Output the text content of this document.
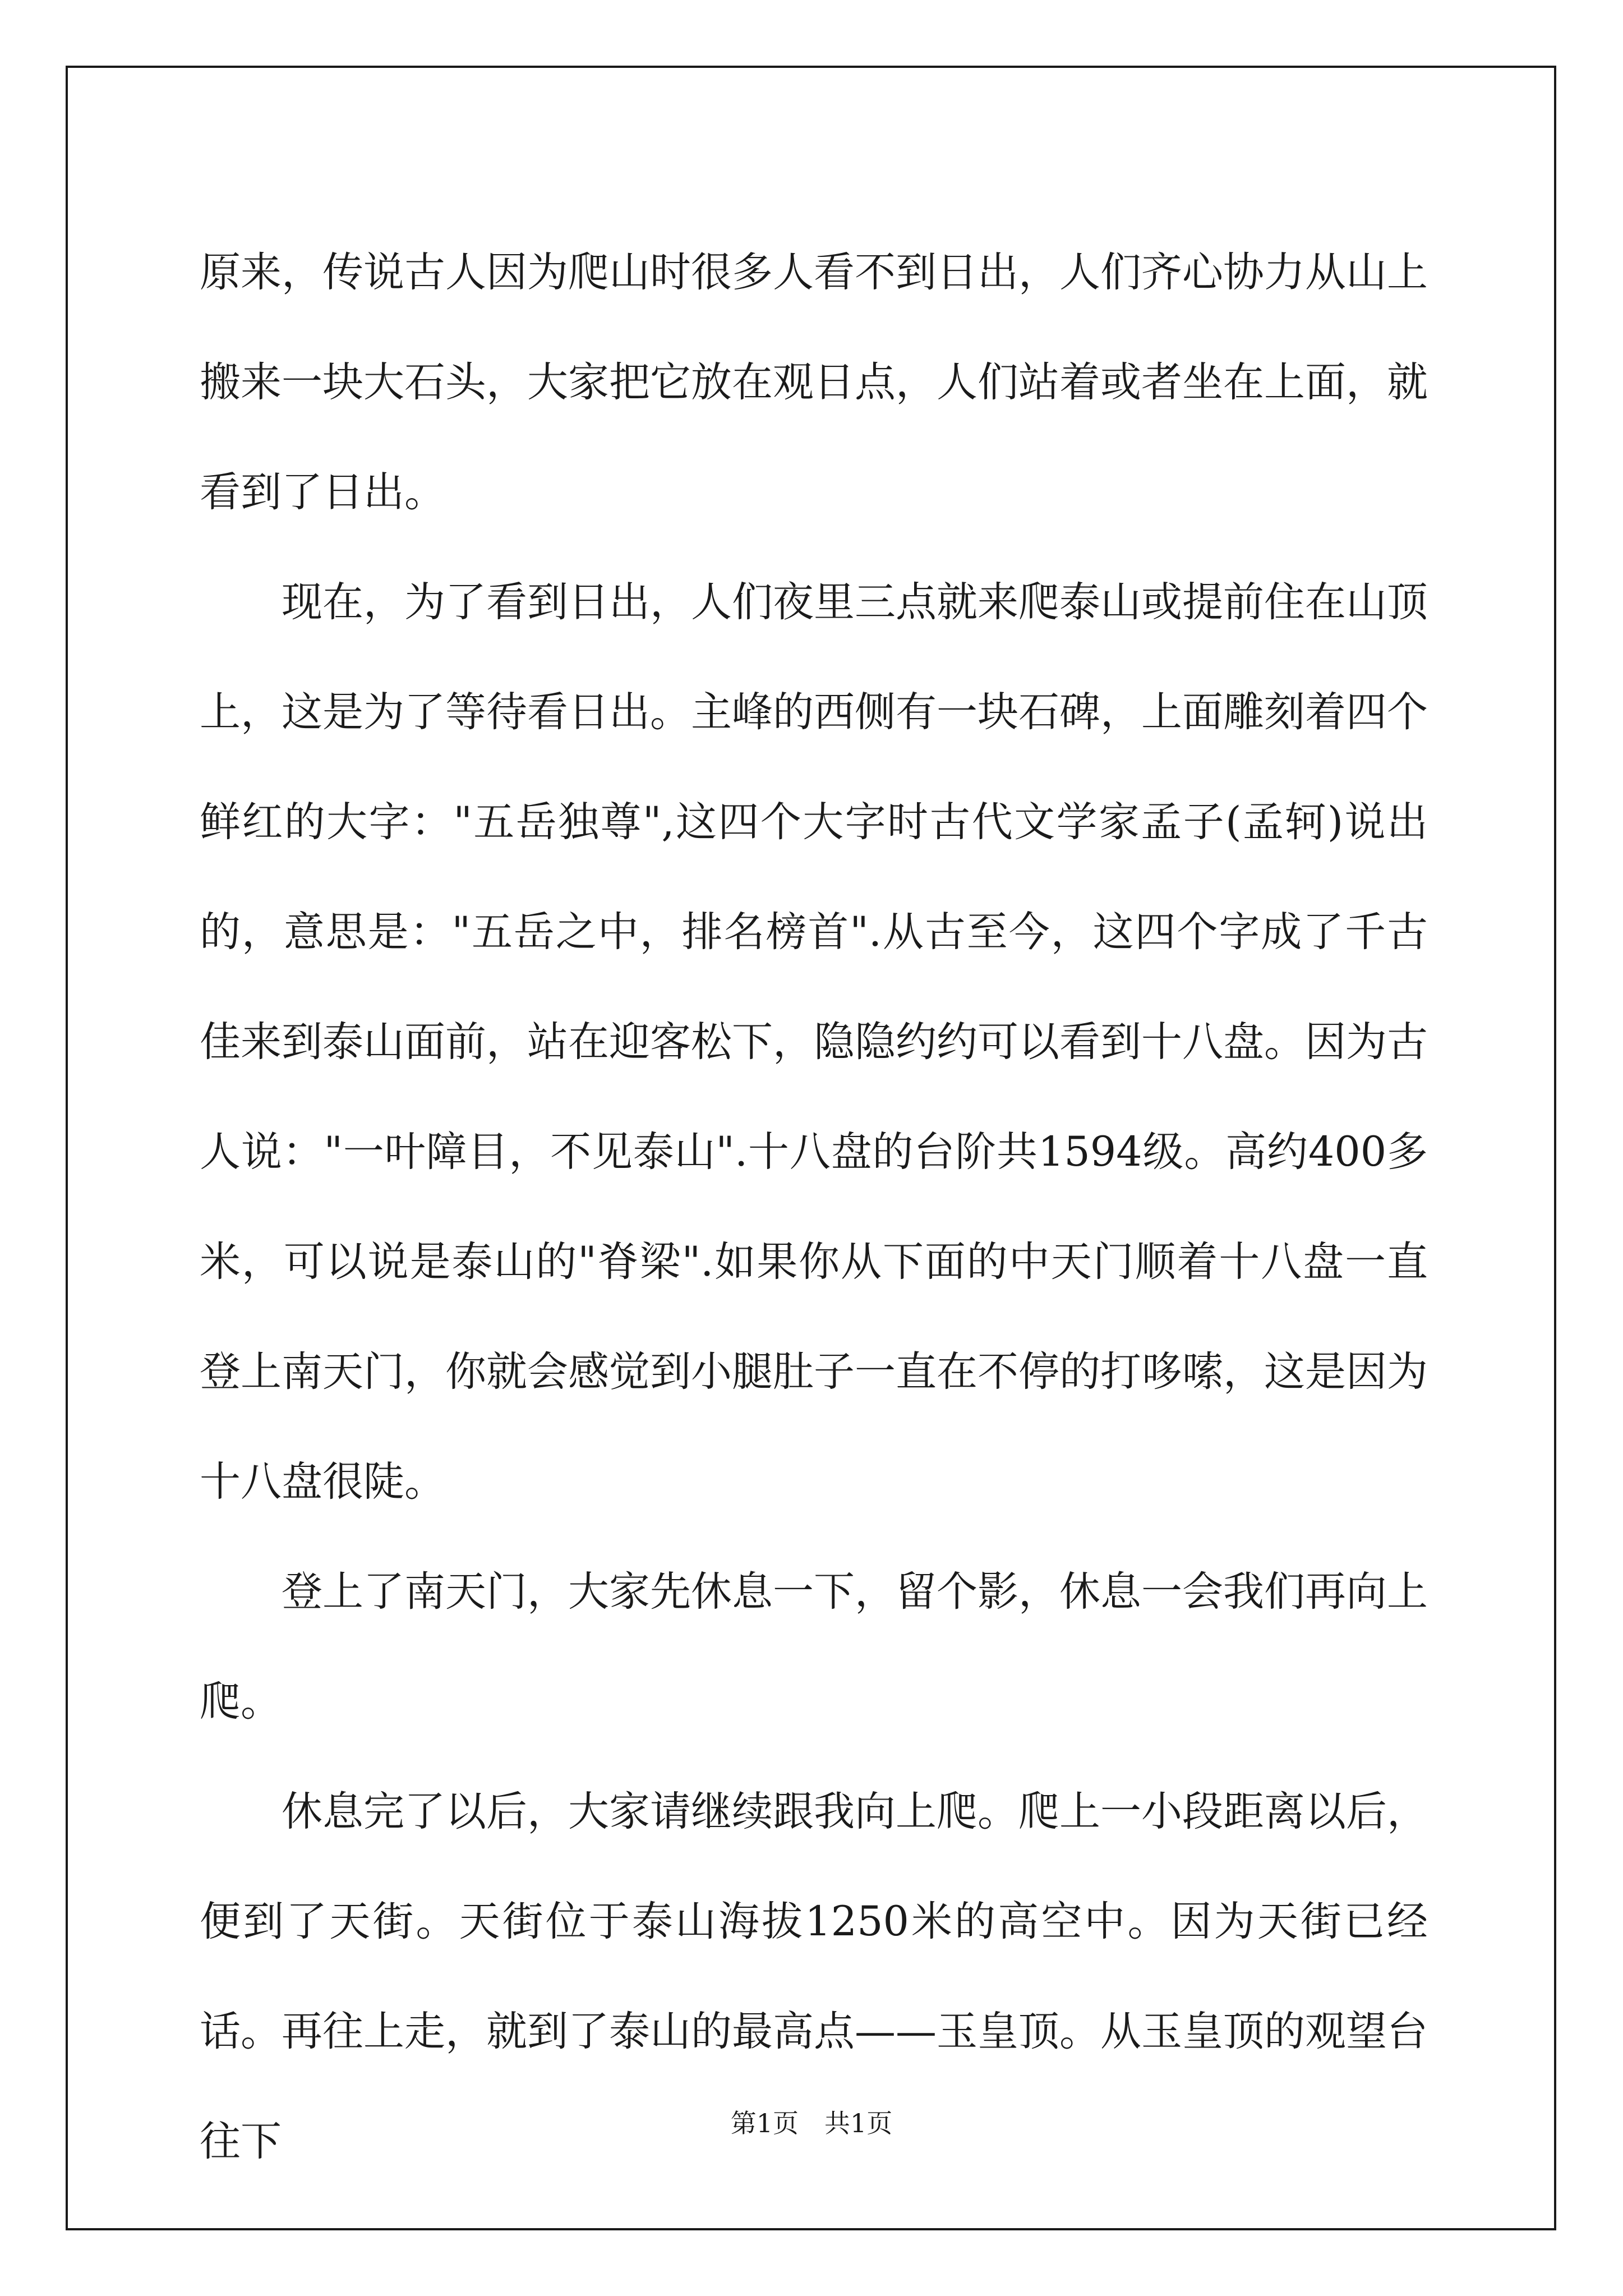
原来，传说古人因为爬山时很多人看不到日出，人们齐心协力从山上搬来一块大石头，大家把它放在观日点，人们站着或者坐在上面，就看到了日出。

现在，为了看到日出，人们夜里三点就来爬泰山或提前住在山顶上，这是为了等待看日出。主峰的西侧有一块石碑，上面雕刻着四个鲜红的大字："五岳独尊",这四个大字时古代文学家孟子(孟轲)说出的，意思是："五岳之中，排名榜首".从古至今，这四个字成了千古佳来到泰山面前，站在迎客松下，隐隐约约可以看到十八盘。因为古人说："一叶障目，不见泰山".十八盘的台阶共1594级。高约400多米，可以说是泰山的"脊梁".如果你从下面的中天门顺着十八盘一直登上南天门，你就会感觉到小腿肚子一直在不停的打哆嗦，这是因为十八盘很陡。

登上了南天门，大家先休息一下，留个影，休息一会我们再向上爬。

休息完了以后，大家请继续跟我向上爬。爬上一小段距离以后，便到了天街。天街位于泰山海拔1250米的高空中。因为天街已经话。再往上走，就到了泰山的最高点——玉皇顶。从玉皇顶的观望台往下	第1页 共1页
